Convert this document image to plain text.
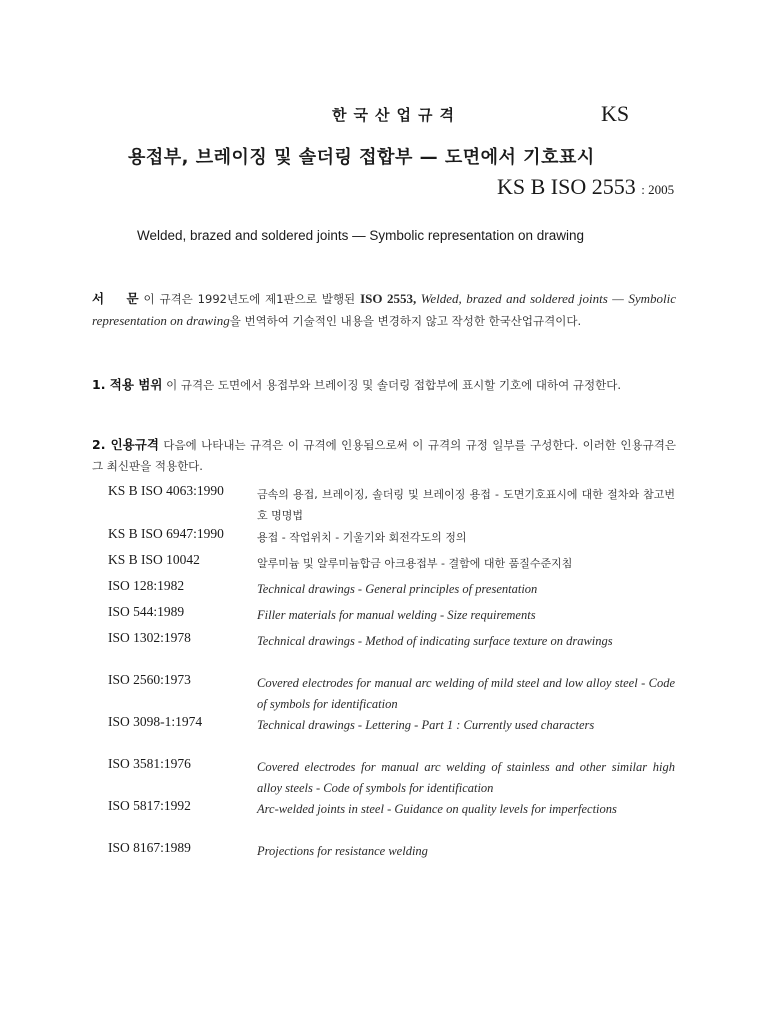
한국산업규격	KS
용접부, 브레이징 및 솔더링 접합부 — 도면에서 기호표시
KS B ISO 2553 : 2005
Welded, brazed and soldered joints — Symbolic representation on drawing
서    문 이 규격은 1992년도에 제1판으로 발행된 ISO 2553, Welded, brazed and soldered joints — Symbolic representation on drawing을 번역하여 기술적인 내용을 변경하지 않고 작성한 한국산업규격이다.
1. 적용 범위 이 규격은 도면에서 용접부와 브레이징 및 솔더링 접합부에 표시할 기호에 대하여 규정한다.
2. 인용규격 다음에 나타내는 규격은 이 규격에 인용됨으로써 이 규격의 규정 일부를 구성한다. 이러한 인용규격은 그 최신판을 적용한다.
KS B ISO 4063:1990	금속의 용접, 브레이징, 솔더링 및 브레이징 용접 - 도면기호표시에 대한 절차와 참고번호 명명법
KS B ISO 6947:1990	용접 - 작업위치 - 기울기와 회전각도의 정의
KS B ISO 10042	알루미늄 및 알루미늄합금 아크용접부 - 결함에 대한 품질수준지침
ISO 128:1982	Technical drawings - General principles of presentation
ISO 544:1989	Filler materials for manual welding - Size requirements
ISO 1302:1978	Technical drawings - Method of indicating surface texture on drawings
ISO 2560:1973	Covered electrodes for manual arc welding of mild steel and low alloy steel - Code of symbols for identification
ISO 3098-1:1974	Technical drawings - Lettering - Part 1 : Currently used characters
ISO 3581:1976	Covered electrodes for manual arc welding of stainless and other similar high alloy steels - Code of symbols for identification
ISO 5817:1992	Arc-welded joints in steel - Guidance on quality levels for imperfections
ISO 8167:1989	Projections for resistance welding
